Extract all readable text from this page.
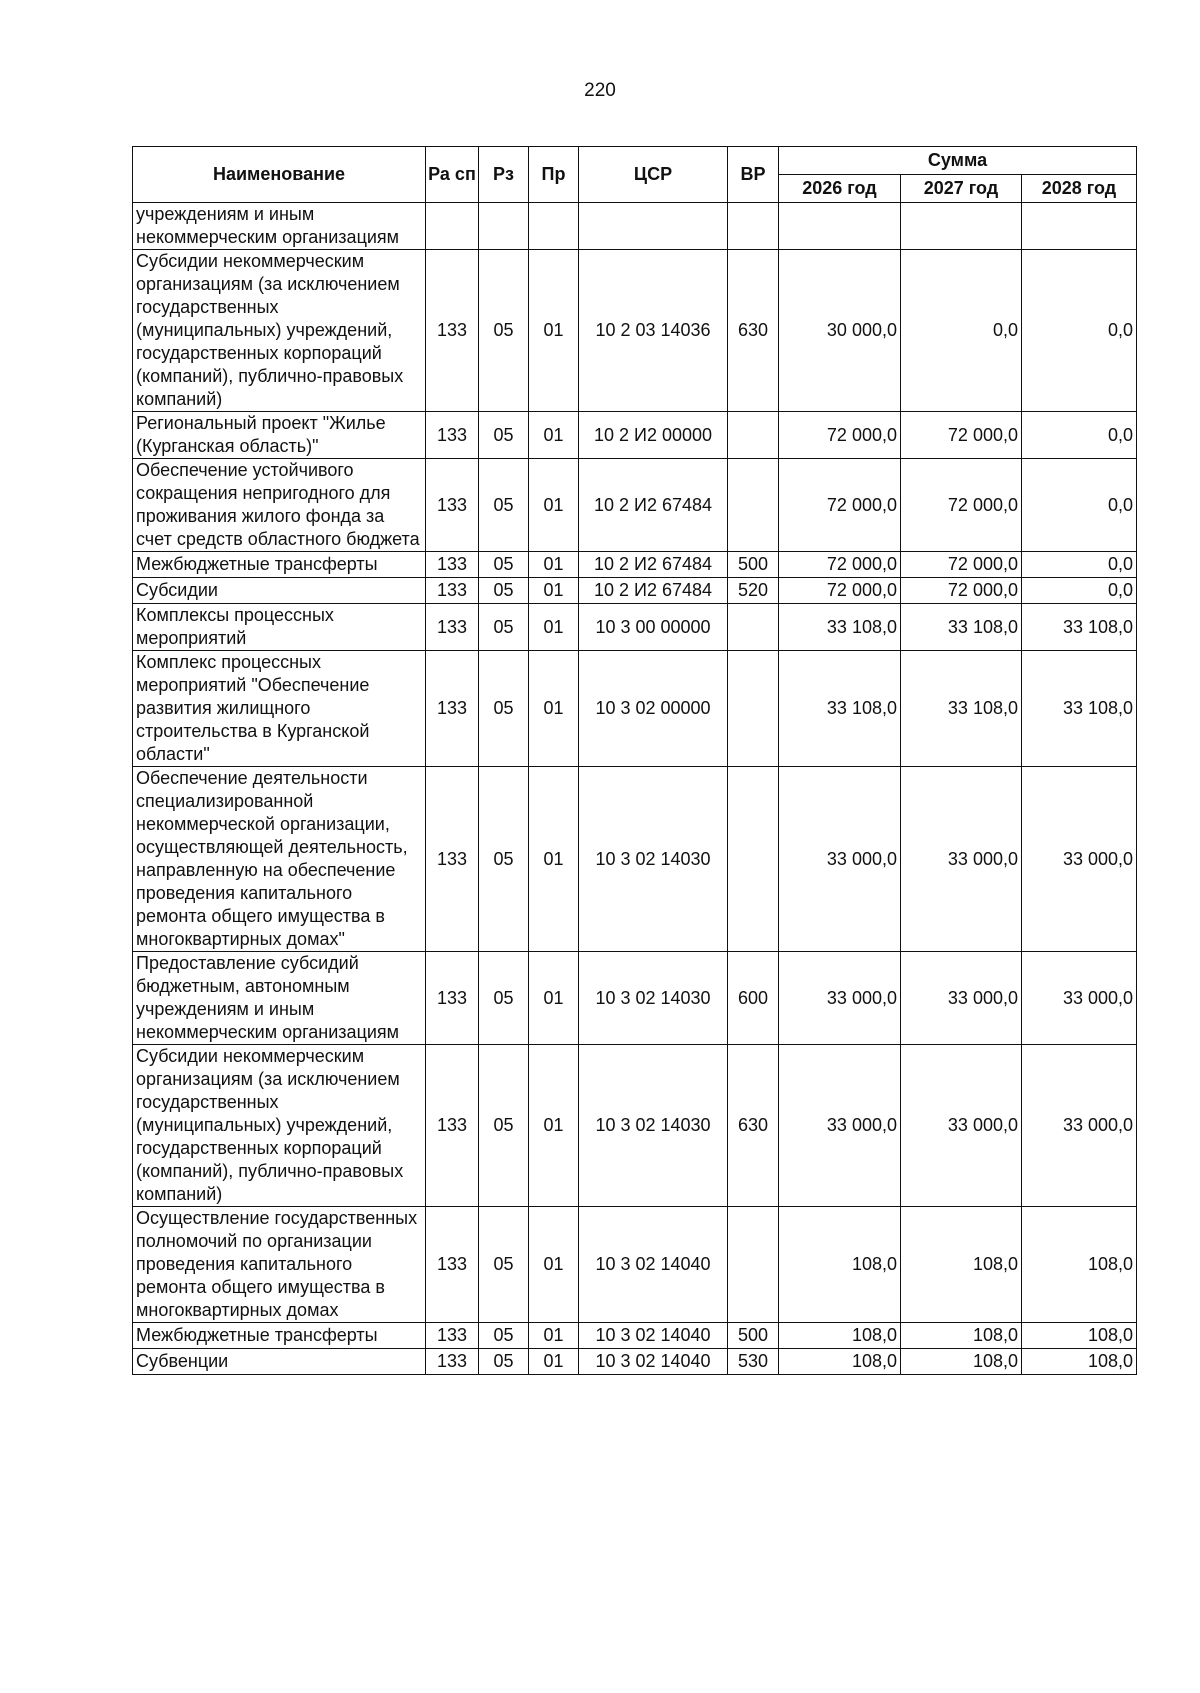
220
Наименование	Ра сп	Рз	Пр	ЦСР	ВР	Сумма		
						2026 год	2027 год	2028 год
учреждениям и иным некоммерческим организациям								
Субсидии некоммерческим организациям (за исключением государственных (муниципальных) учреждений, государственных корпораций (компаний), публично-правовых компаний)	133	05	01	10 2 03 14036	630	30 000,0	0,0	0,0
Региональный проект "Жилье (Курганская область)"	133	05	01	10 2 И2 00000		72 000,0	72 000,0	0,0
Обеспечение устойчивого сокращения непригодного для проживания жилого фонда за счет средств областного бюджета	133	05	01	10 2 И2 67484		72 000,0	72 000,0	0,0
Межбюджетные трансферты	133	05	01	10 2 И2 67484	500	72 000,0	72 000,0	0,0
Субсидии	133	05	01	10 2 И2 67484	520	72 000,0	72 000,0	0,0
Комплексы процессных мероприятий	133	05	01	10 3 00 00000		33 108,0	33 108,0	33 108,0
Комплекс процессных мероприятий "Обеспечение развития жилищного строительства в Курганской области"	133	05	01	10 3 02 00000		33 108,0	33 108,0	33 108,0
Обеспечение деятельности специализированной некоммерческой организации, осуществляющей деятельность, направленную на обеспечение проведения капитального ремонта общего имущества в многоквартирных домах"	133	05	01	10 3 02 14030		33 000,0	33 000,0	33 000,0
Предоставление субсидий бюджетным, автономным учреждениям и иным некоммерческим организациям	133	05	01	10 3 02 14030	600	33 000,0	33 000,0	33 000,0
Субсидии некоммерческим организациям (за исключением государственных (муниципальных) учреждений, государственных корпораций (компаний), публично-правовых компаний)	133	05	01	10 3 02 14030	630	33 000,0	33 000,0	33 000,0
Осуществление государственных полномочий по организации проведения капитального ремонта общего имущества в многоквартирных домах	133	05	01	10 3 02 14040		108,0	108,0	108,0
Межбюджетные трансферты	133	05	01	10 3 02 14040	500	108,0	108,0	108,0
Субвенции	133	05	01	10 3 02 14040	530	108,0	108,0	108,0
